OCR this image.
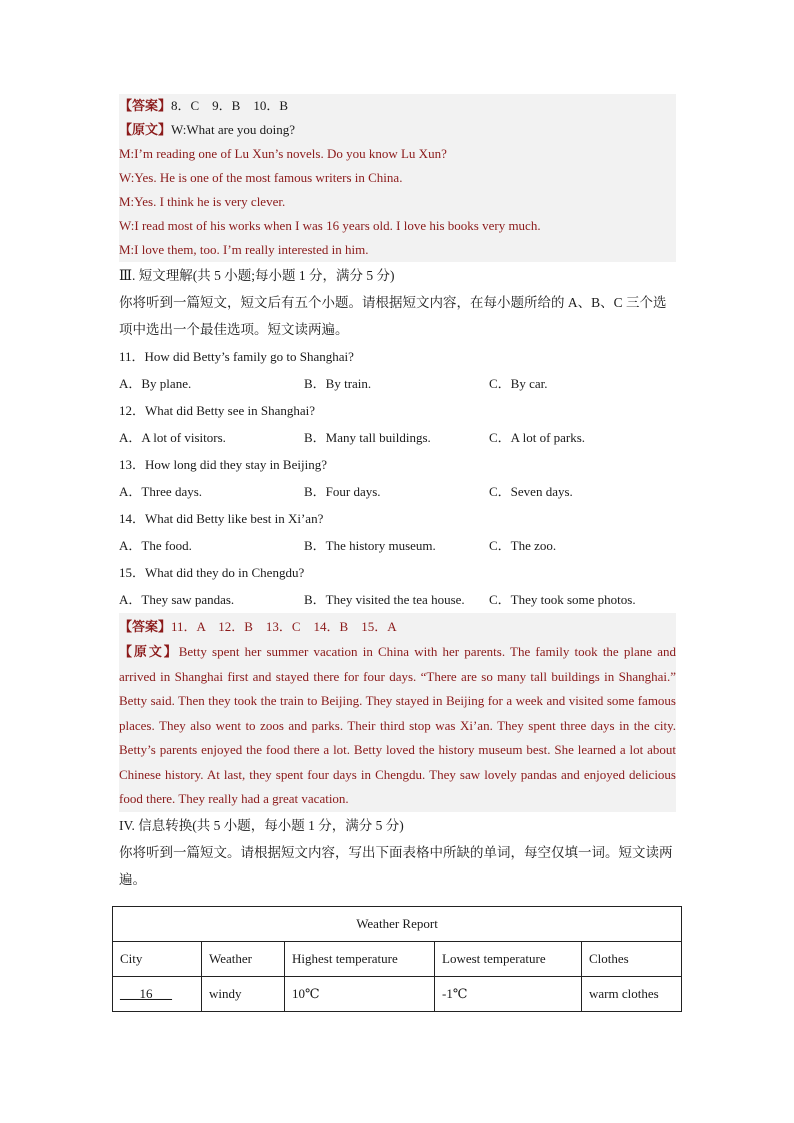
【答案】8．C　9．B　10．B
【原文】W:What are you doing?
M:I’m reading one of Lu Xun’s novels. Do you know Lu Xun?
W:Yes. He is one of the most famous writers in China.
M:Yes. I think he is very clever.
W:I read most of his works when I was 16 years old. I love his books very much.
M:I love them, too. I’m really interested in him.
Ⅲ. 短文理解(共 5 小题;每小题 1 分，满分 5 分)
你将听到一篇短文，短文后有五个小题。请根据短文内容，在每小题所给的 A、B、C 三个选项中选出一个最佳选项。短文读两遍。
11．How did Betty’s family go to Shanghai?
A．By plane.	B．By train.	C．By car.
12．What did Betty see in Shanghai?
A．A lot of visitors.	B．Many tall buildings.	C．A lot of parks.
13．How long did they stay in Beijing?
A．Three days.	B．Four days.	C．Seven days.
14．What did Betty like best in Xi’an?
A．The food.	B．The history museum.	C．The zoo.
15．What did they do in Chengdu?
A．They saw pandas.	B．They visited the tea house.	C．They took some photos.
【答案】11．A　12．B　13．C　14．B　15．A
【原文】Betty spent her summer vacation in China with her parents. The family took the plane and arrived in Shanghai first and stayed there for four days. “There are so many tall buildings in Shanghai.” Betty said. Then they took the train to Beijing. They stayed in Beijing for a week and visited some famous places. They also went to zoos and parks. Their third stop was Xi’an. They spent three days in the city. Betty’s parents enjoyed the food there a lot. Betty loved the history museum best. She learned a lot about Chinese history. At last, they spent four days in Chengdu. They saw lovely pandas and enjoyed delicious food there. They really had a great vacation.
IV. 信息转换(共 5 小题，每小题 1 分，满分 5 分)
你将听到一篇短文。请根据短文内容，写出下面表格中所缺的单词，每空仅填一词。短文读两遍。
Weather Report				
City	Weather	Highest temperature	Lowest temperature	Clothes
___16___	windy	10℃	-1℃	warm clothes
